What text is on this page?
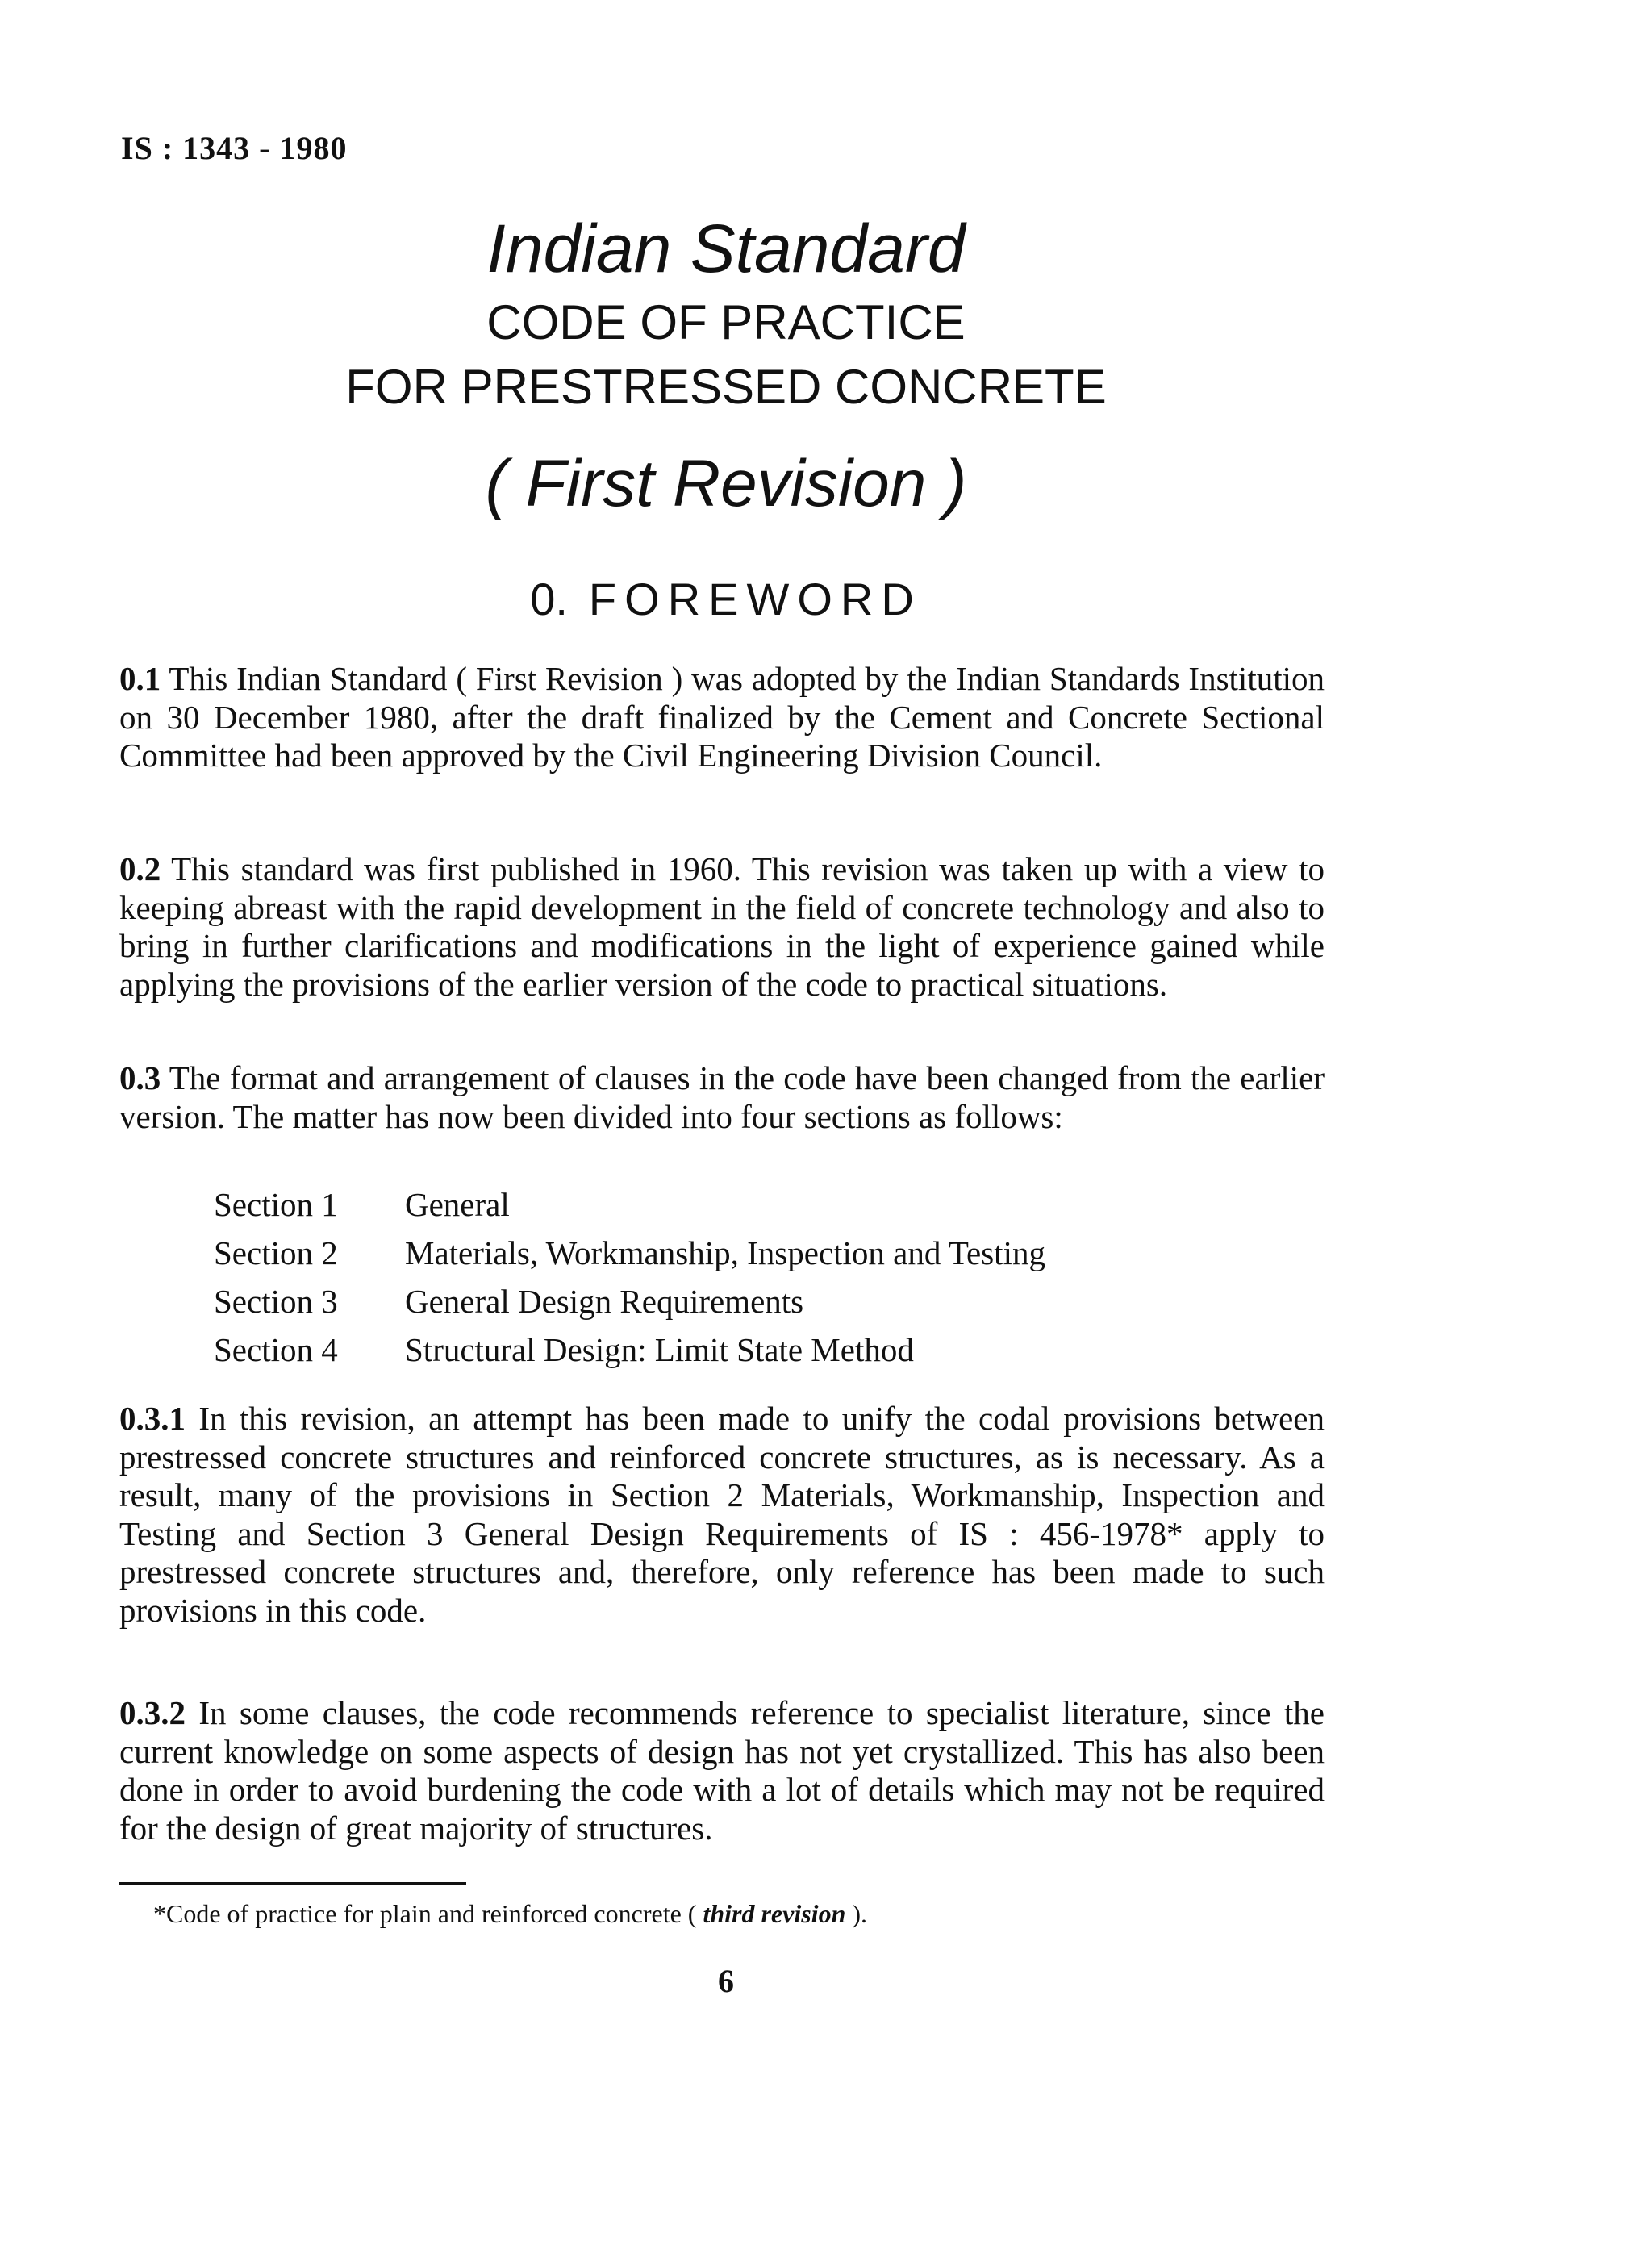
IS : 1343 - 1980
Indian Standard
CODE OF PRACTICE
FOR PRESTRESSED CONCRETE
( First Revision )
0. FOREWORD
0.1 This Indian Standard ( First Revision ) was adopted by the Indian Standards Institution on 30 December 1980, after the draft finalized by the Cement and Concrete Sectional Committee had been approved by the Civil Engineering Division Council.
0.2 This standard was first published in 1960. This revision was taken up with a view to keeping abreast with the rapid development in the field of concrete technology and also to bring in further clarifications and modifications in the light of experience gained while applying the provisions of the earlier version of the code to practical situations.
0.3 The format and arrangement of clauses in the code have been changed from the earlier version. The matter has now been divided into four sections as follows:
Section 1	General
Section 2	Materials, Workmanship, Inspection and Testing
Section 3	General Design Requirements
Section 4	Structural Design: Limit State Method
0.3.1 In this revision, an attempt has been made to unify the codal provisions between prestressed concrete structures and reinforced concrete structures, as is necessary. As a result, many of the provisions in Section 2 Materials, Workmanship, Inspection and Testing and Section 3 General Design Requirements of IS : 456-1978* apply to prestressed concrete structures and, therefore, only reference has been made to such provisions in this code.
0.3.2 In some clauses, the code recommends reference to specialist literature, since the current knowledge on some aspects of design has not yet crystallized. This has also been done in order to avoid burdening the code with a lot of details which may not be required for the design of great majority of structures.
*Code of practice for plain and reinforced concrete ( third revision ).
6
